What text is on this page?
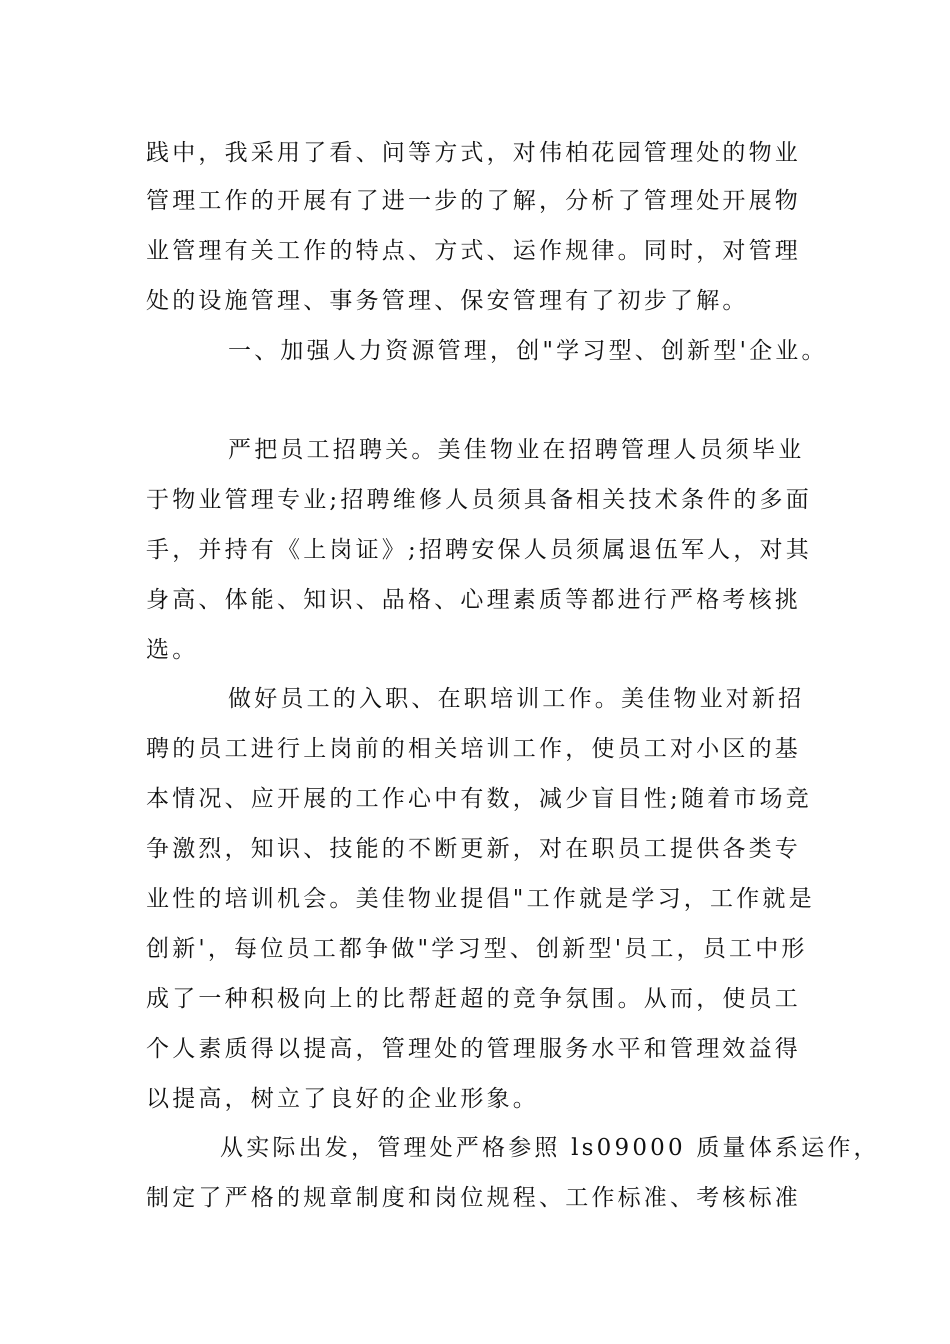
践中，我采用了看、问等方式，对伟柏花园管理处的物业
管理工作的开展有了进一步的了解，分析了管理处开展物
业管理有关工作的特点、方式、运作规律。同时，对管理
处的设施管理、事务管理、保安管理有了初步了解。
一、加强人力资源管理，创"学习型、创新型'企业。
严把员工招聘关。美佳物业在招聘管理人员须毕业
于物业管理专业;招聘维修人员须具备相关技术条件的多面
手，并持有《上岗证》;招聘安保人员须属退伍军人，对其
身高、体能、知识、品格、心理素质等都进行严格考核挑
选。
做好员工的入职、在职培训工作。美佳物业对新招
聘的员工进行上岗前的相关培训工作，使员工对小区的基
本情况、应开展的工作心中有数，减少盲目性;随着市场竞
争激烈，知识、技能的不断更新，对在职员工提供各类专
业性的培训机会。美佳物业提倡"工作就是学习，工作就是
创新'，每位员工都争做"学习型、创新型'员工，员工中形
成了一种积极向上的比帮赶超的竞争氛围。从而，使员工
个人素质得以提高，管理处的管理服务水平和管理效益得
以提高，树立了良好的企业形象。
从实际出发，管理处严格参照 ls09000 质量体系运作，
制定了严格的规章制度和岗位规程、工作标准、考核标准
